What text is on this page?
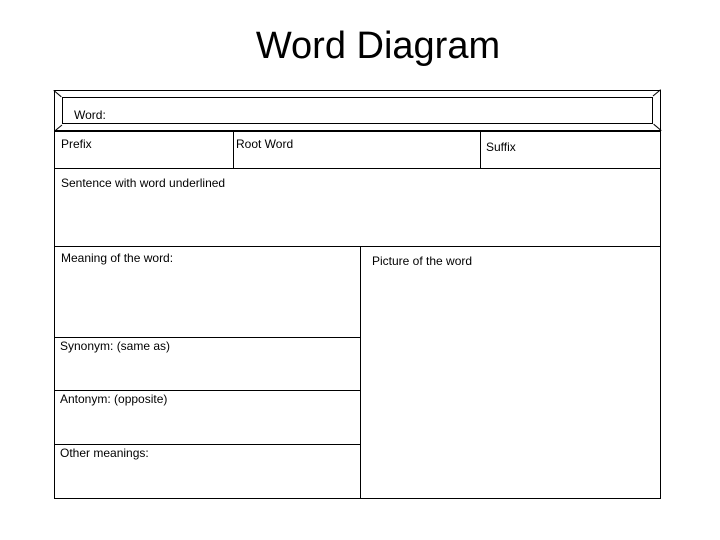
Word Diagram
Word:
Prefix	Root Word	Suffix
Sentence with word underlined
Meaning of the word:	Picture of the word
Synonym: (same as)
Antonym: (opposite)
Other meanings:
